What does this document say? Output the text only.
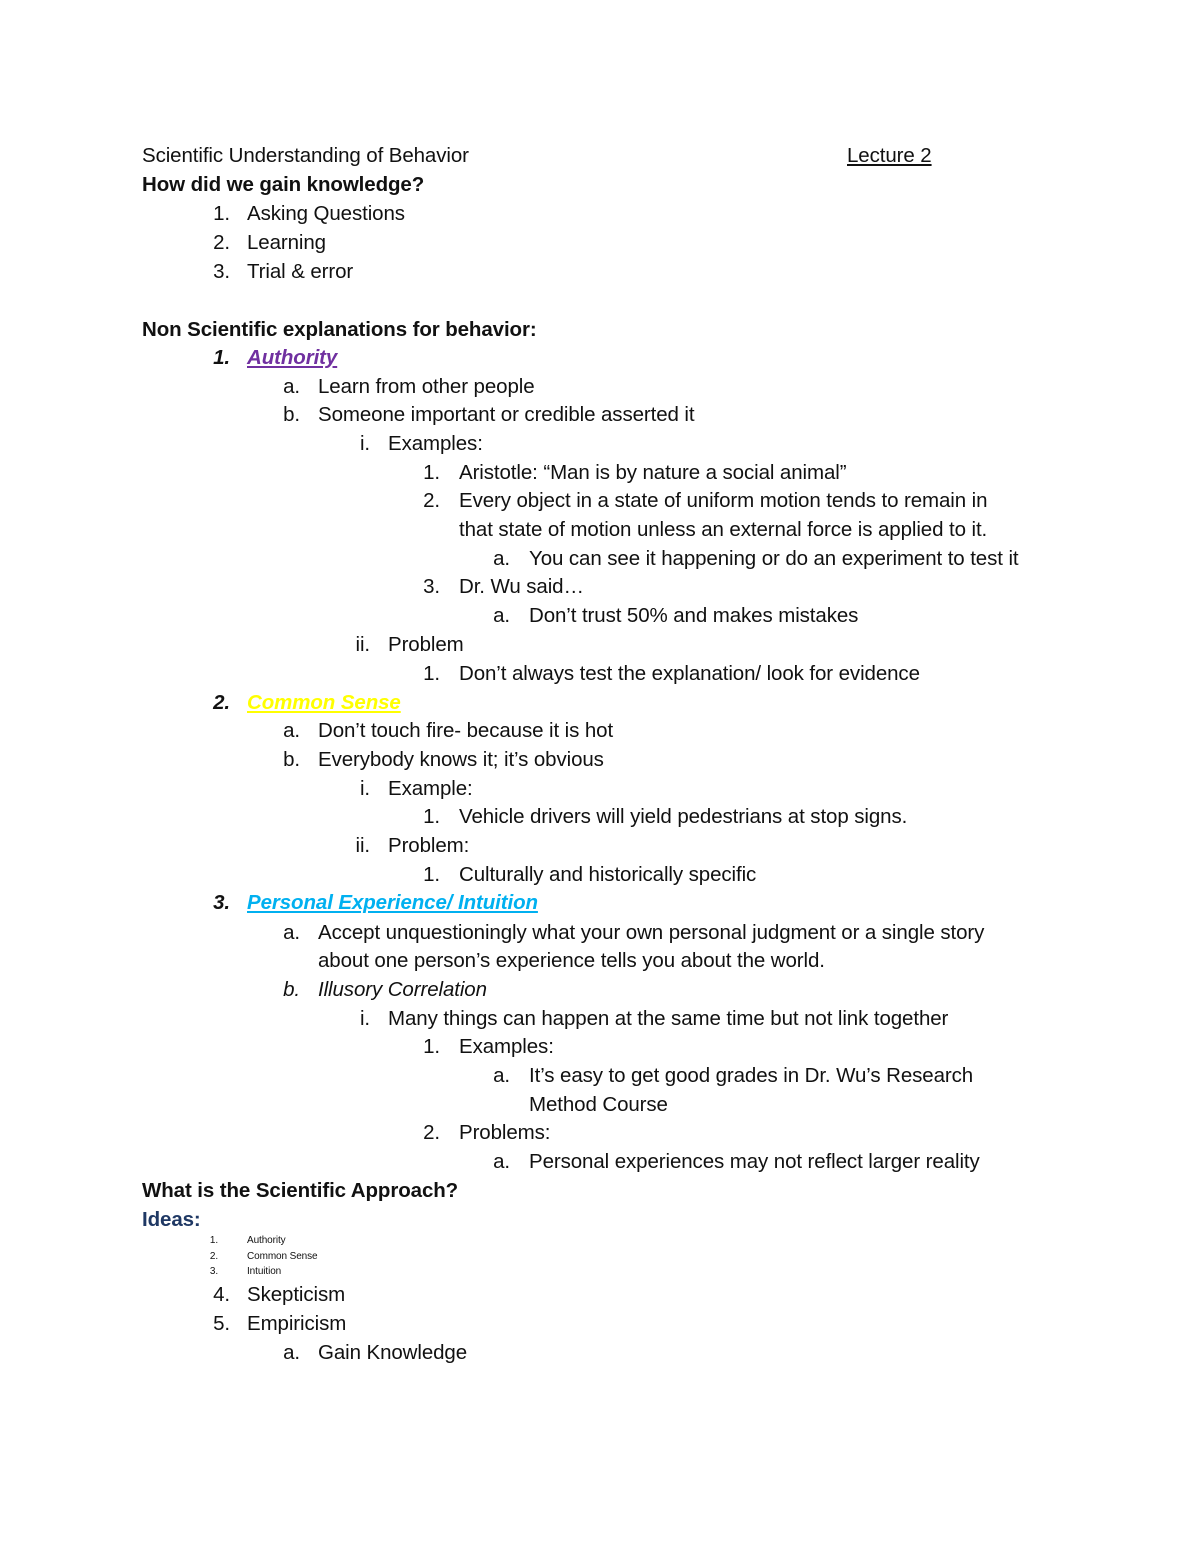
Scientific Understanding of Behavior	Lecture 2
How did we gain knowledge?
1. Asking Questions
2. Learning
3. Trial & error
Non Scientific explanations for behavior:
1. Authority
a. Learn from other people
b. Someone important or credible asserted it
i. Examples:
1. Aristotle: “Man is by nature a social animal”
2. Every object in a state of uniform motion tends to remain in
that state of motion unless an external force is applied to it.
a. You can see it happening or do an experiment to test it
3. Dr. Wu said…
a. Don’t trust 50% and makes mistakes
ii. Problem
1. Don’t always test the explanation/ look for evidence
2. Common Sense
a. Don’t touch fire- because it is hot
b. Everybody knows it; it’s obvious
i. Example:
1. Vehicle drivers will yield pedestrians at stop signs.
ii. Problem:
1. Culturally and historically specific
3. Personal Experience/ Intuition
a. Accept unquestioningly what your own personal judgment or a single story
about one person’s experience tells you about the world.
b. Illusory Correlation
i. Many things can happen at the same time but not link together
1. Examples:
a. It’s easy to get good grades in Dr. Wu’s Research
Method Course
2. Problems:
a. Personal experiences may not reflect larger reality
What is the Scientific Approach?
Ideas:
1.	Authority
2.	Common Sense
3.	Intuition
4. Skepticism
5. Empiricism
a. Gain Knowledge
